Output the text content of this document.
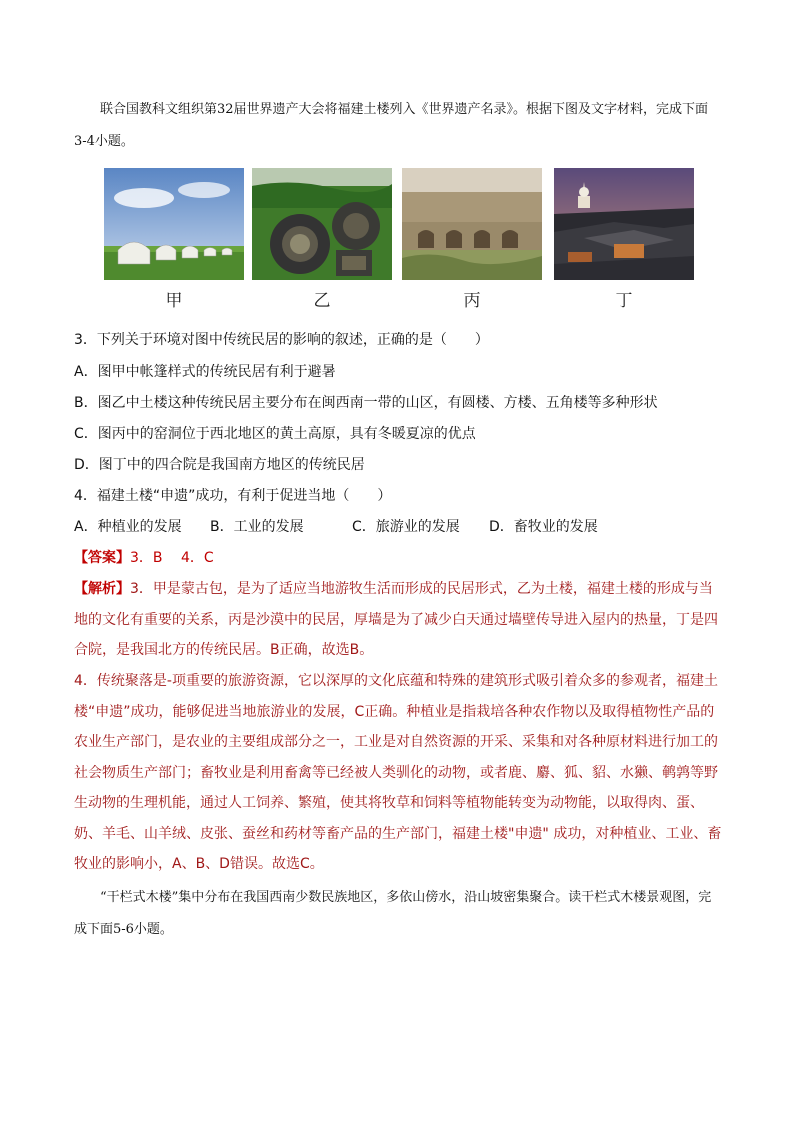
联合国教科文组织第32届世界遗产大会将福建土楼列入《世界遗产名录》。根据下图及文字材料，完成下面3-4小题。

甲	乙	丙	丁

3．下列关于环境对图中传统民居的影响的叙述，正确的是（　　）

A．图甲中帐篷样式的传统民居有利于避暑

B．图乙中土楼这种传统民居主要分布在闽西南一带的山区，有圆楼、方楼、五角楼等多种形状

C．图丙中的窑洞位于西北地区的黄土高原，具有冬暖夏凉的优点

D．图丁中的四合院是我国南方地区的传统民居

4．福建土楼“申遗”成功，有利于促进当地（　　）

A．种植业的发展 B．工业的发展	C．旅游业的发展 D．畜牧业的发展

【答案】3．B　 4．C

【解析】3．甲是蒙古包，是为了适应当地游牧生活而形成的民居形式，乙为土楼，福建土楼的形成与当地的文化有重要的关系，丙是沙漠中的民居，厚墙是为了减少白天通过墙壁传导进入屋内的热量，丁是四合院，是我国北方的传统民居。B正确，故选B。

4．传统聚落是-项重要的旅游资源，它以深厚的文化底蕴和特殊的建筑形式吸引着众多的参观者，福建土楼“申遗”成功，能够促进当地旅游业的发展，C正确。种植业是指栽培各种农作物以及取得植物性产品的农业生产部门，是农业的主要组成部分之一，工业是对自然资源的开采、采集和对各种原材料进行加工的社会物质生产部门；畜牧业是利用畜禽等已经被人类驯化的动物，或者鹿、麝、狐、貂、水獭、鹌鹑等野生动物的生理机能，通过人工饲养、繁殖，使其将牧草和饲料等植物能转变为动物能，以取得肉、蛋、奶、羊毛、山羊绒、皮张、蚕丝和药材等畜产品的生产部门，福建土楼"申遗" 成功，对种植业、工业、畜牧业的影响小，A、B、D错误。故选C。

“干栏式木楼”集中分布在我国西南少数民族地区，多依山傍水，沿山坡密集聚合。读干栏式木楼景观图，完成下面5-6小题。
